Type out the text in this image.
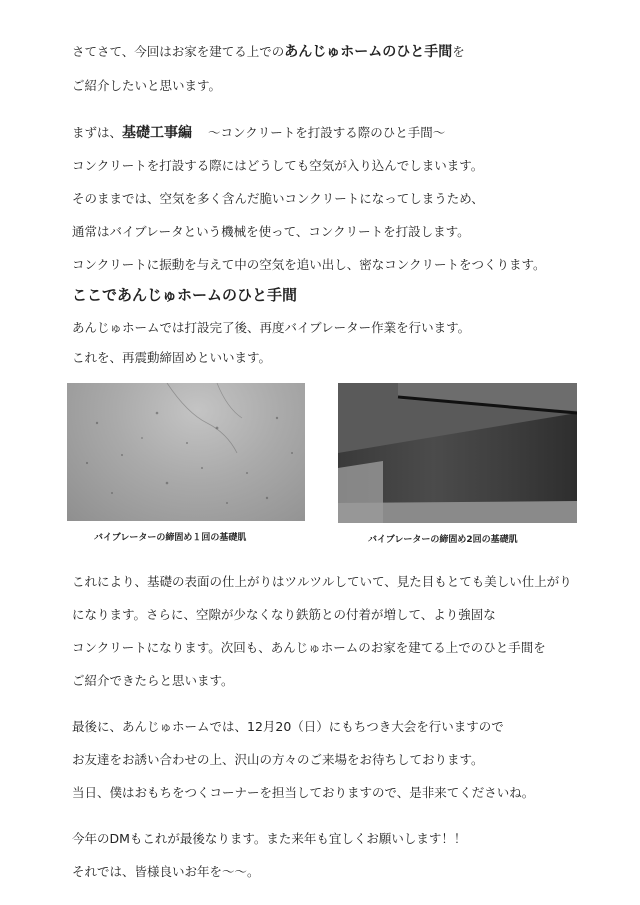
さてさて、今回はお家を建てる上でのあんじゅホームのひと手間を
ご紹介したいと思います。
まずは、基礎工事編 〜コンクリートを打設する際のひと手間〜
コンクリートを打設する際にはどうしても空気が入り込んでしまいます。
そのままでは、空気を多く含んだ脆いコンクリートになってしまうため、
通常はバイブレータという機械を使って、コンクリートを打設します。
コンクリートに振動を与えて中の空気を追い出し、密なコンクリートをつくります。
ここであんじゅホームのひと手間
あんじゅホームでは打設完了後、再度バイブレーター作業を行います。
これを、再震動締固めといいます。
バイブレーターの締固め１回の基礎肌	バイブレーターの締固め2回の基礎肌
これにより、基礎の表面の仕上がりはツルツルしていて、見た目もとても美しい仕上がり
になります。さらに、空隙が少なくなり鉄筋との付着が増して、より強固な
コンクリートになります。次回も、あんじゅホームのお家を建てる上でのひと手間を
ご紹介できたらと思います。
最後に、あんじゅホームでは、12月20（日）にもちつき大会を行いますので
お友達をお誘い合わせの上、沢山の方々のご来場をお待ちしております。
当日、僕はおもちをつくコーナーを担当しておりますので、是非来てくださいね。
今年のDMもこれが最後なります。また来年も宜しくお願いします！！
それでは、皆様良いお年を〜〜。
